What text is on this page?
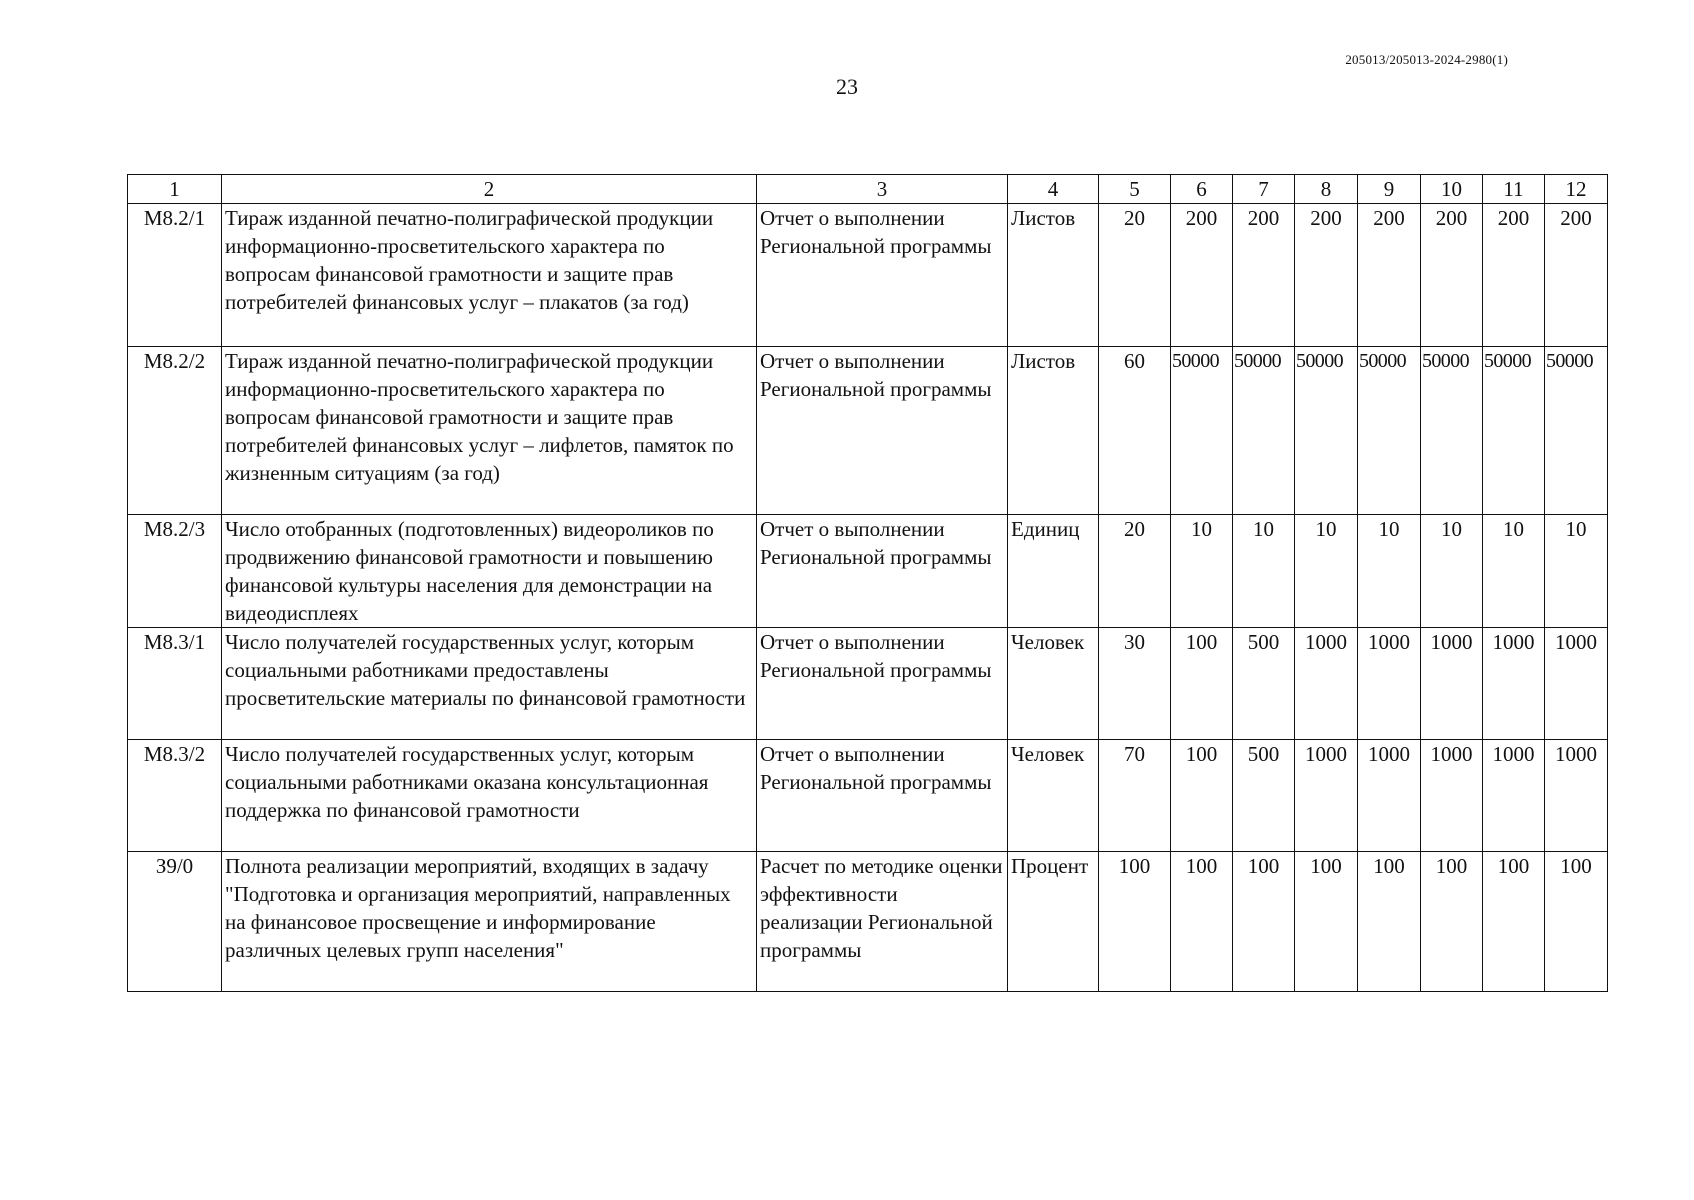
205013/205013-2024-2980(1)
23
1	2	3	4	5	6	7	8	9	10	11	12
М8.2/1	Тираж изданной печатно-полиграфической продукции информационно-просветительского характера по вопросам финансовой грамотности и защите прав потребителей финансовых услуг – плакатов (за год)	Отчет о выполнении Региональной программы	Листов	20	200	200	200	200	200	200	200
М8.2/2	Тираж изданной печатно-полиграфической продукции информационно-просветительского характера по вопросам финансовой грамотности и защите прав потребителей финансовых услуг – лифлетов, памяток по жизненным ситуациям (за год)	Отчет о выполнении Региональной программы	Листов	60	50000	50000	50000	50000	50000	50000	50000
М8.2/3	Число отобранных (подготовленных) видеороликов по продвижению финансовой грамотности и повышению финансовой культуры населения для демонстрации на видеодисплеях	Отчет о выполнении Региональной программы	Единиц	20	10	10	10	10	10	10	10
М8.3/1	Число получателей государственных услуг, которым социальными работниками предоставлены просветительские материалы по финансовой грамотности	Отчет о выполнении Региональной программы	Человек	30	100	500	1000	1000	1000	1000	1000
М8.3/2	Число получателей государственных услуг, которым социальными работниками оказана консультационная поддержка по финансовой грамотности	Отчет о выполнении Региональной программы	Человек	70	100	500	1000	1000	1000	1000	1000
З9/0	Полнота реализации мероприятий, входящих в задачу "Подготовка и организация мероприятий, направленных на финансовое просвещение и информирование различных целевых групп населения"	Расчет по методике оценки эффективности реализации Региональной программы	Процент	100	100	100	100	100	100	100	100
